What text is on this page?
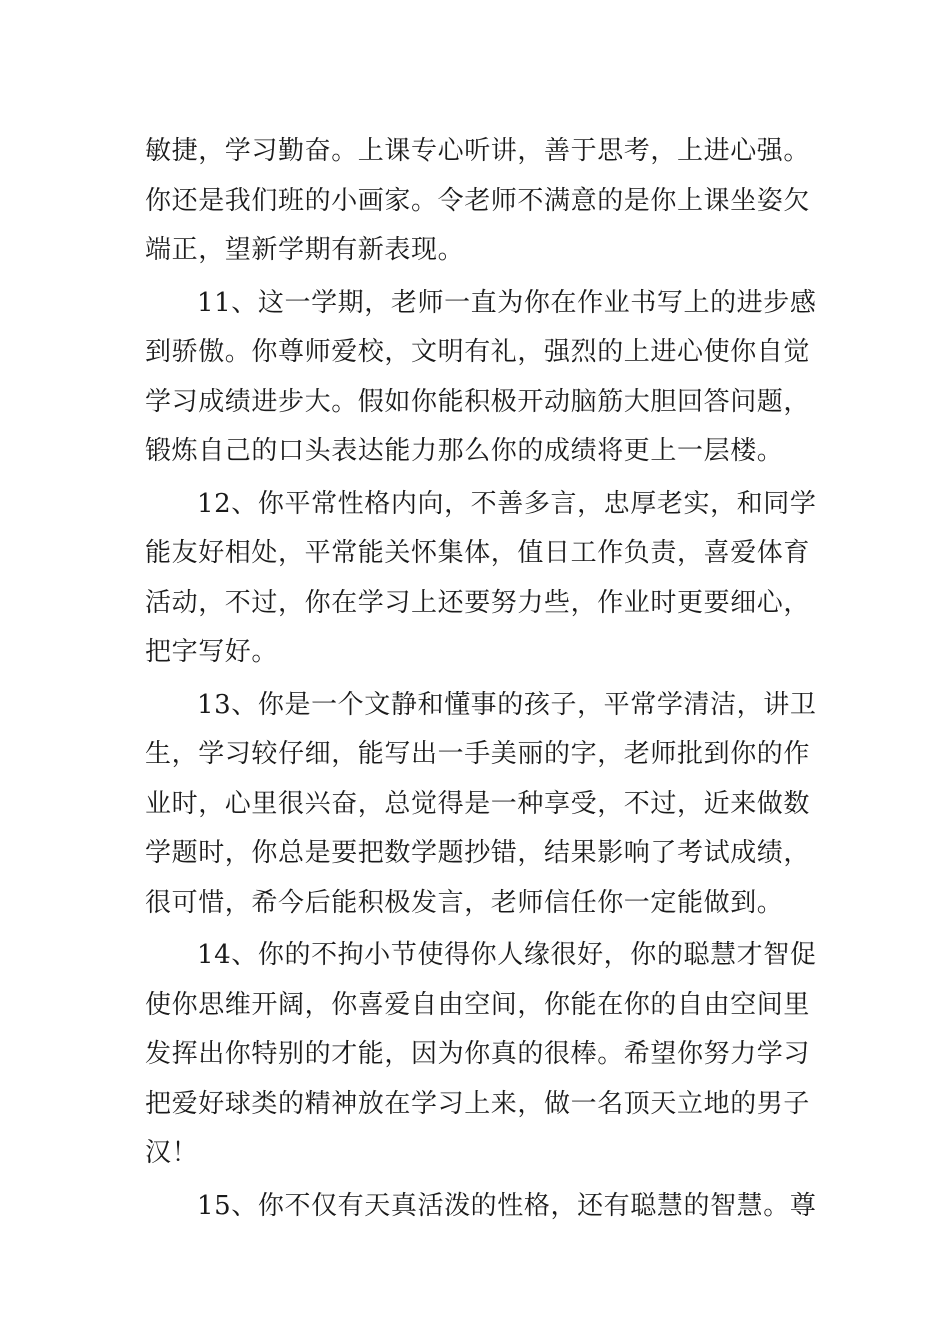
敏捷，学习勤奋。上课专心听讲，善于思考，上进心强。
你还是我们班的小画家。令老师不满意的是你上课坐姿欠
端正，望新学期有新表现。
11、这一学期，老师一直为你在作业书写上的进步感
到骄傲。你尊师爱校，文明有礼，强烈的上进心使你自觉
学习成绩进步大。假如你能积极开动脑筋大胆回答问题，
锻炼自己的口头表达能力那么你的成绩将更上一层楼。
12、你平常性格内向，不善多言，忠厚老实，和同学
能友好相处，平常能关怀集体，值日工作负责，喜爱体育
活动，不过，你在学习上还要努力些，作业时更要细心，
把字写好。
13、你是一个文静和懂事的孩子，平常学清洁，讲卫
生，学习较仔细，能写出一手美丽的字，老师批到你的作
业时，心里很兴奋，总觉得是一种享受，不过，近来做数
学题时，你总是要把数学题抄错，结果影响了考试成绩，
很可惜，希今后能积极发言，老师信任你一定能做到。
14、你的不拘小节使得你人缘很好，你的聪慧才智促
使你思维开阔，你喜爱自由空间，你能在你的自由空间里
发挥出你特别的才能，因为你真的很棒。希望你努力学习
把爱好球类的精神放在学习上来，做一名顶天立地的男子
汉！
15、你不仅有天真活泼的性格，还有聪慧的智慧。尊
